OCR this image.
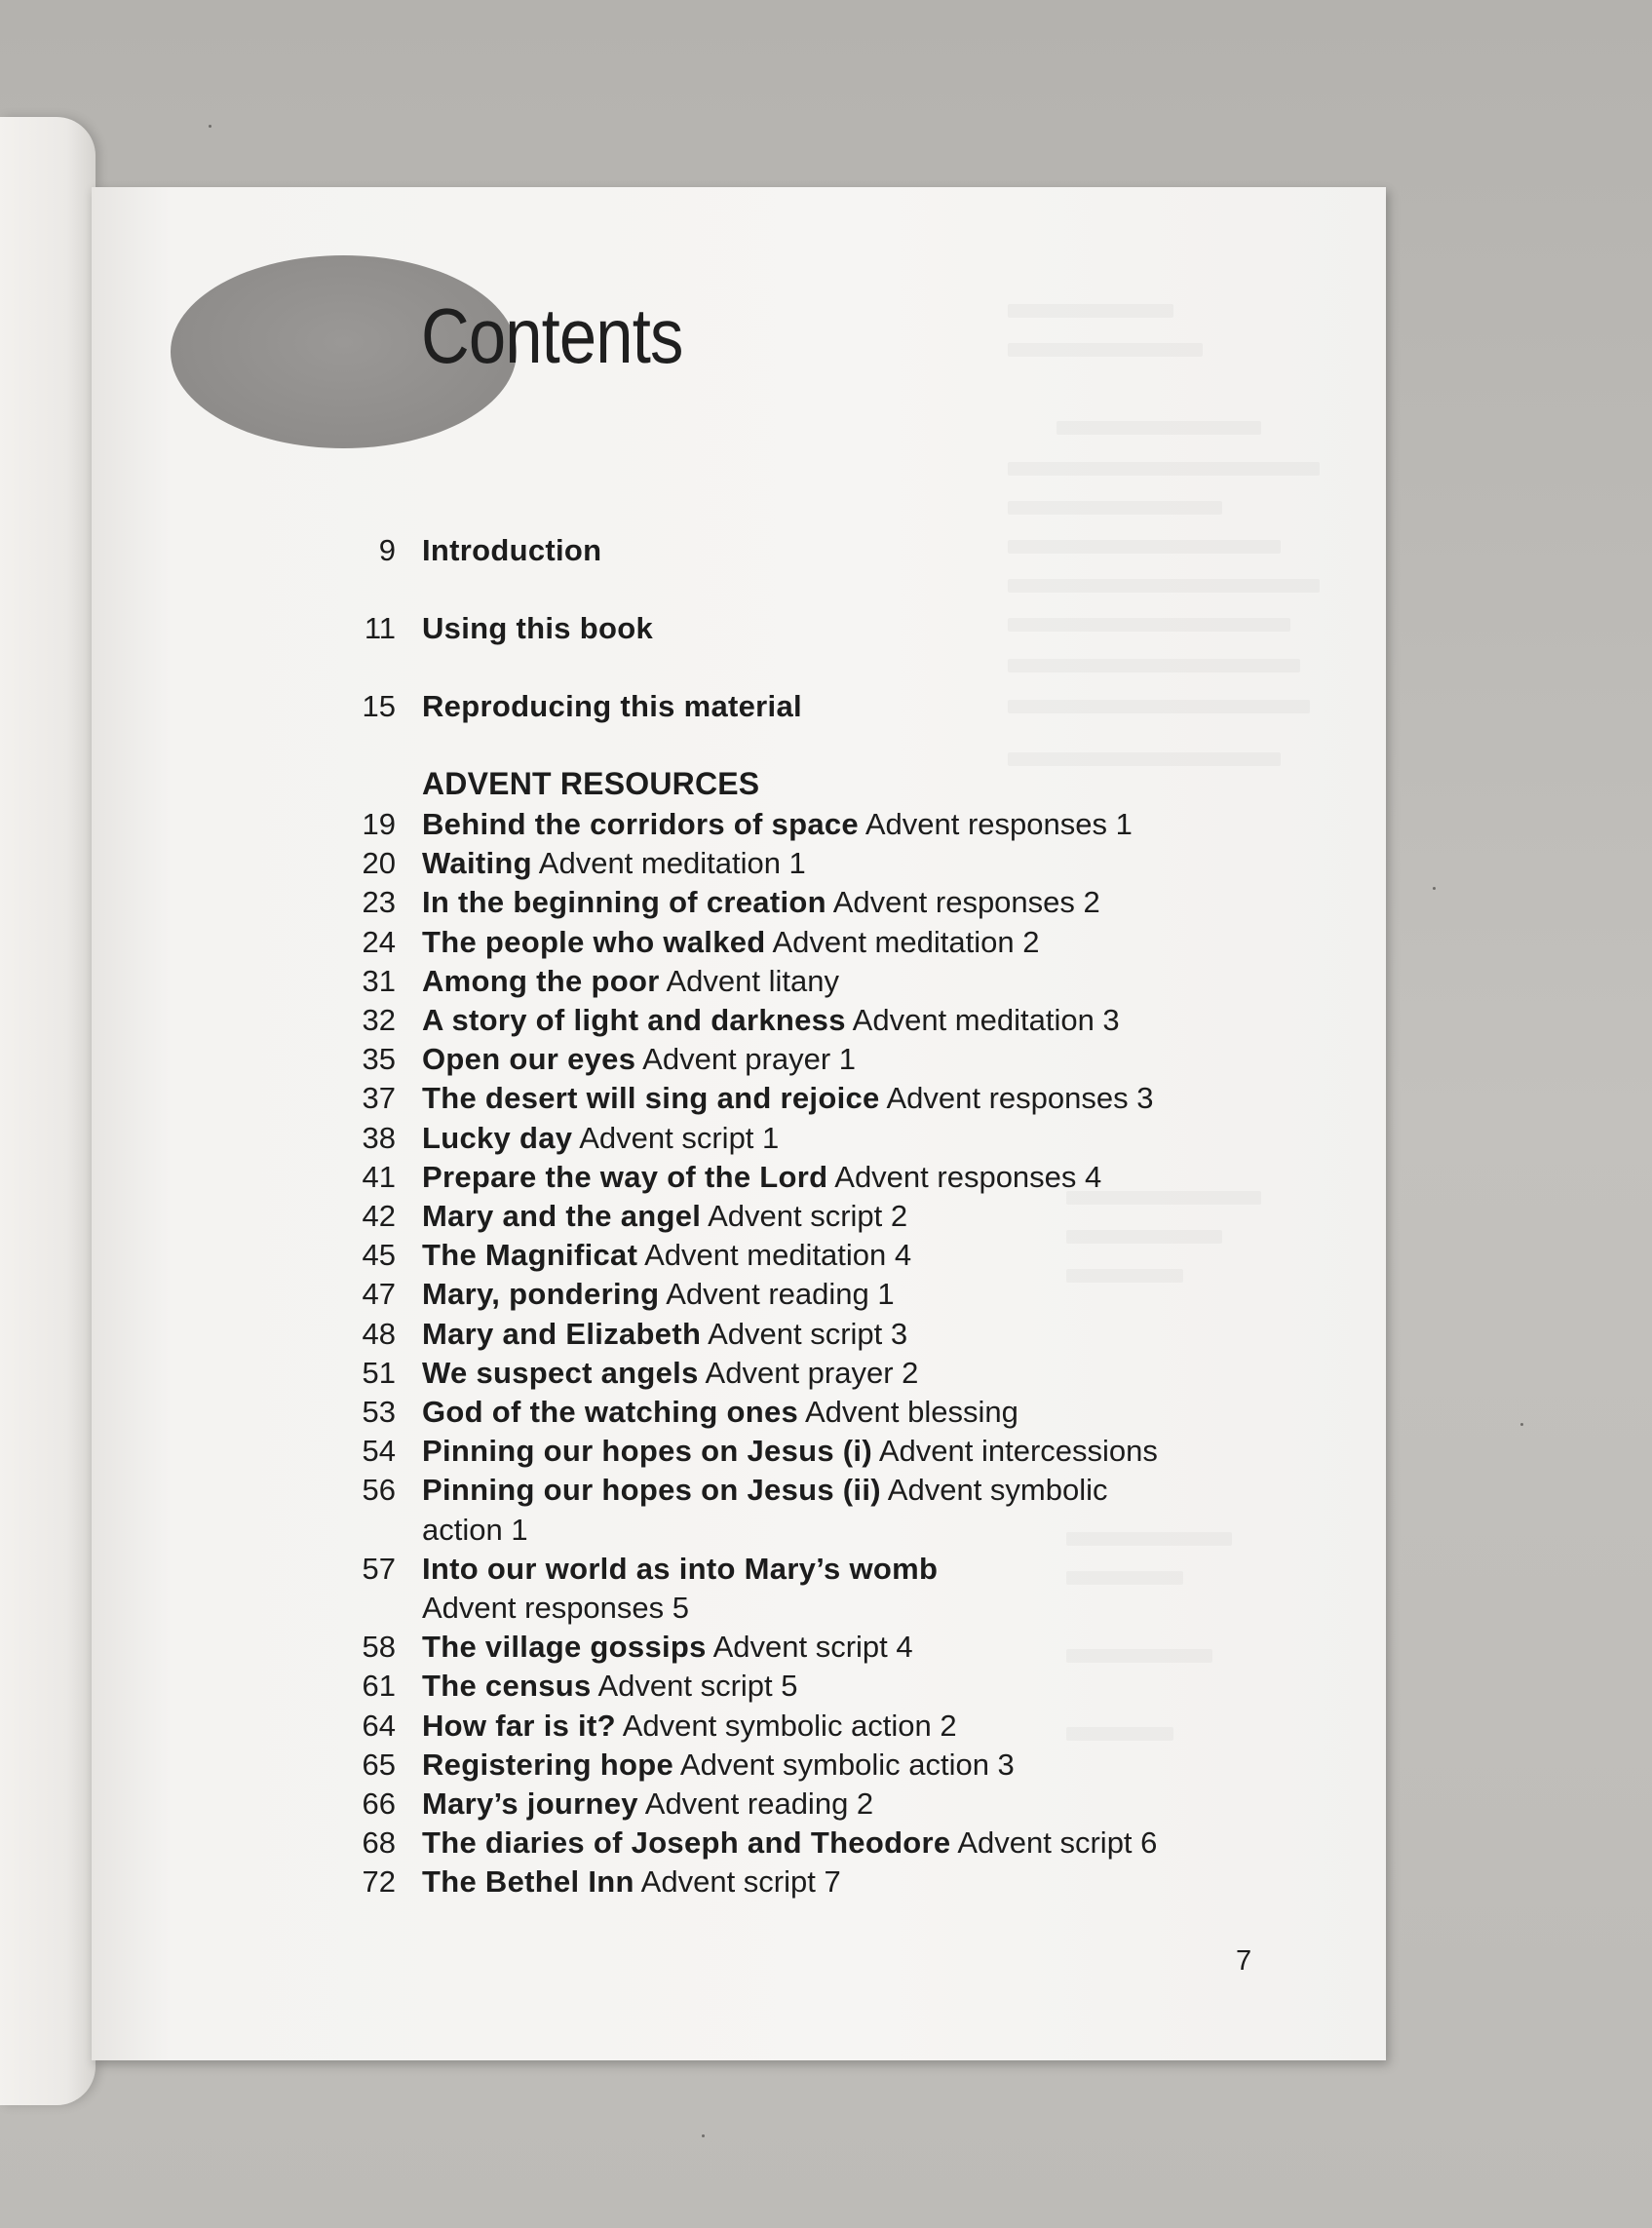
Contents
9 Introduction
11 Using this book
15 Reproducing this material
19 Behind the corridors of space Advent responses 1
20 Waiting Advent meditation 1
23 In the beginning of creation Advent responses 2
24 The people who walked Advent meditation 2
31 Among the poor Advent litany
32 A story of light and darkness Advent meditation 3
35 Open our eyes Advent prayer 1
37 The desert will sing and rejoice Advent responses 3
38 Lucky day Advent script 1
41 Prepare the way of the Lord Advent responses 4
42 Mary and the angel Advent script 2
45 The Magnificat Advent meditation 4
47 Mary, pondering Advent reading 1
48 Mary and Elizabeth Advent script 3
51 We suspect angels Advent prayer 2
53 God of the watching ones Advent blessing
54 Pinning our hopes on Jesus (i) Advent intercessions
56 Pinning our hopes on Jesus (ii) Advent symbolic
action 1
57 Into our world as into Mary’s womb
Advent responses 5
58 The village gossips Advent script 4
61 The census Advent script 5
64 How far is it? Advent symbolic action 2
65 Registering hope Advent symbolic action 3
66 Mary’s journey Advent reading 2
68 The diaries of Joseph and Theodore Advent script 6
72 The Bethel Inn Advent script 7
ADVENT RESOURCES
7
